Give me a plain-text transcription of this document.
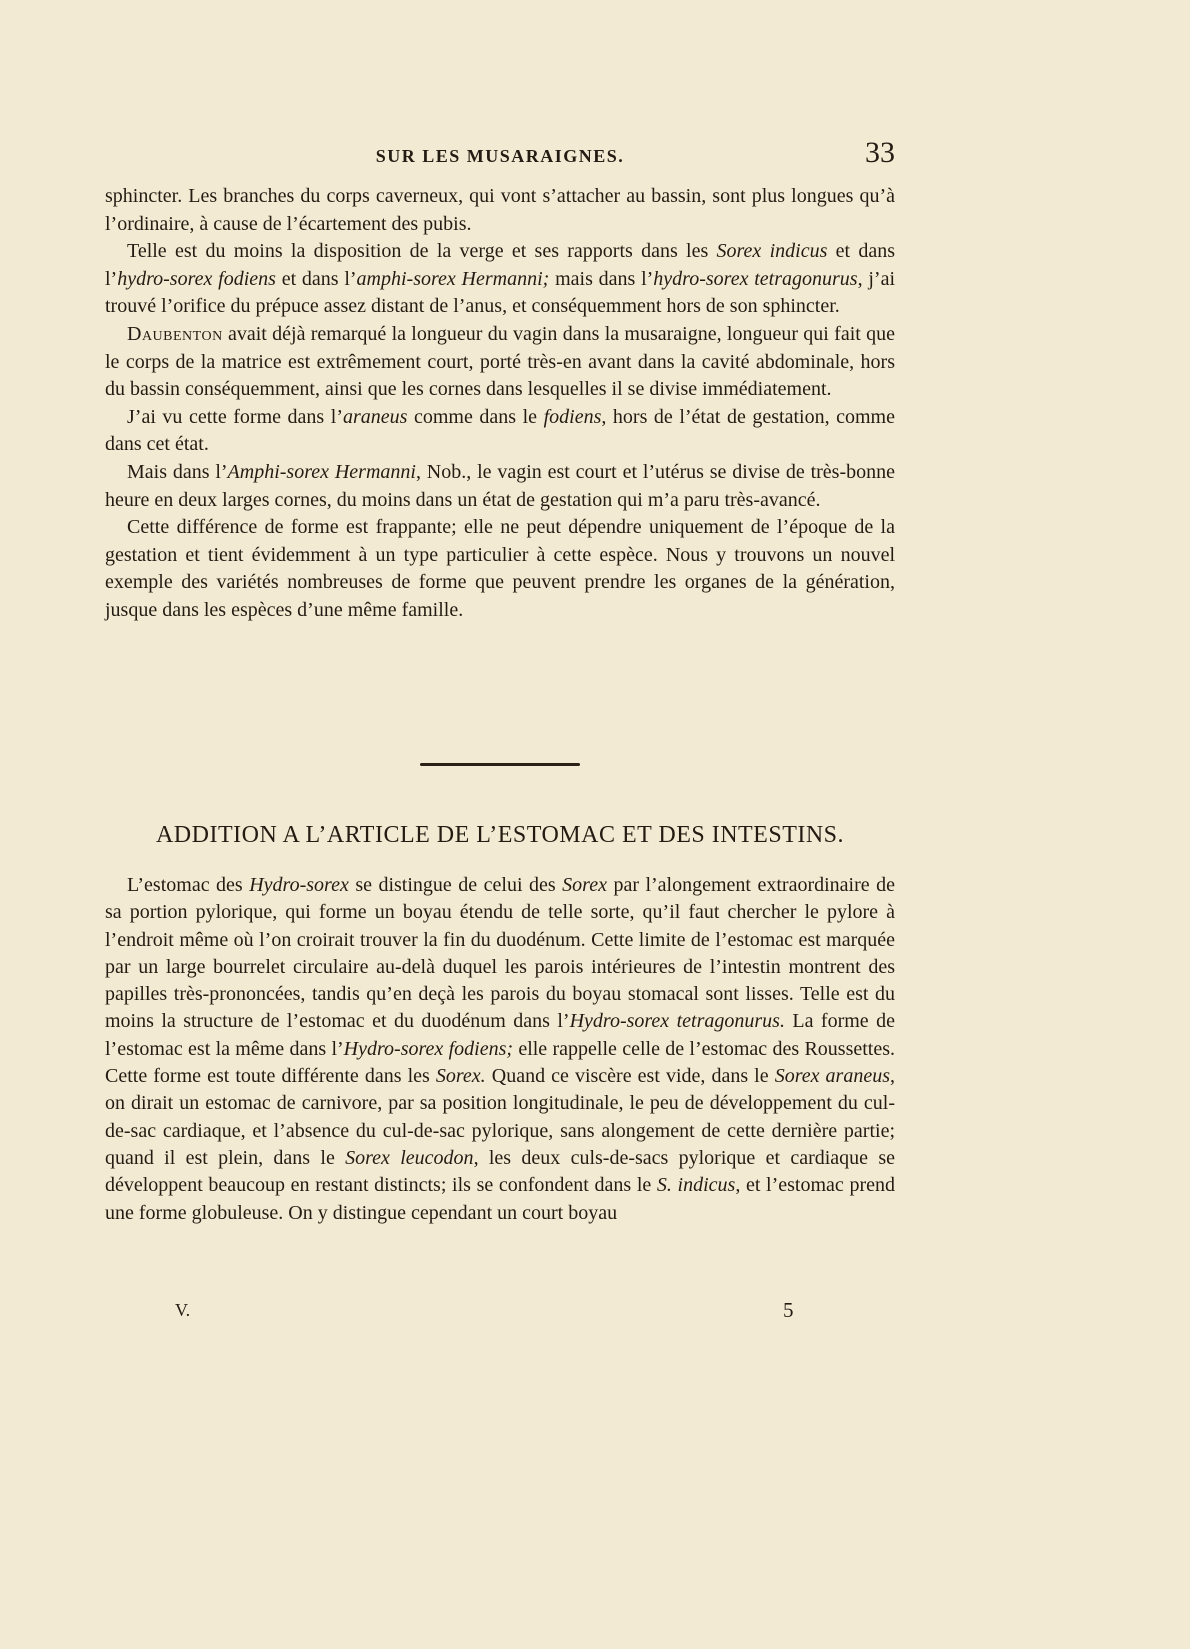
SUR LES MUSARAIGNES.	33

sphincter. Les branches du corps caverneux, qui vont s’attacher au bassin, sont plus longues qu’à l’ordinaire, à cause de l’écartement des pubis.

Telle est du moins la disposition de la verge et ses rapports dans les Sorex indicus et dans l’hydro-sorex fodiens et dans l’amphi-sorex Hermanni; mais dans l’hydro-sorex tetragonurus, j’ai trouvé l’orifice du prépuce assez distant de l’anus, et conséquemment hors de son sphincter.

Daubenton avait déjà remarqué la longueur du vagin dans la musaraigne, longueur qui fait que le corps de la matrice est extrêmement court, porté très-en avant dans la cavité abdominale, hors du bassin conséquemment, ainsi que les cornes dans lesquelles il se divise immédiatement.

J’ai vu cette forme dans l’araneus comme dans le fodiens, hors de l’état de gestation, comme dans cet état.

Mais dans l’Amphi-sorex Hermanni, Nob., le vagin est court et l’utérus se divise de très-bonne heure en deux larges cornes, du moins dans un état de gestation qui m’a paru très-avancé.

Cette différence de forme est frappante; elle ne peut dépendre uniquement de l’époque de la gestation et tient évidemment à un type particulier à cette espèce. Nous y trouvons un nouvel exemple des variétés nombreuses de forme que peuvent prendre les organes de la génération, jusque dans les espèces d’une même famille.

ADDITION A L’ARTICLE DE L’ESTOMAC ET DES INTESTINS.

L’estomac des Hydro-sorex se distingue de celui des Sorex par l’alongement extraordinaire de sa portion pylorique, qui forme un boyau étendu de telle sorte, qu’il faut chercher le pylore à l’endroit même où l’on croirait trouver la fin du duodénum. Cette limite de l’estomac est marquée par un large bourrelet circulaire au-delà duquel les parois intérieures de l’intestin montrent des papilles très-prononcées, tandis qu’en deçà les parois du boyau stomacal sont lisses. Telle est du moins la structure de l’estomac et du duodénum dans l’Hydro-sorex tetragonurus. La forme de l’estomac est la même dans l’Hydro-sorex fodiens; elle rappelle celle de l’estomac des Roussettes. Cette forme est toute différente dans les Sorex. Quand ce viscère est vide, dans le Sorex araneus, on dirait un estomac de carnivore, par sa position longitudinale, le peu de développement du cul-de-sac cardiaque, et l’absence du cul-de-sac pylorique, sans alongement de cette dernière partie; quand il est plein, dans le Sorex leucodon, les deux culs-de-sacs pylorique et cardiaque se développent beaucoup en restant distincts; ils se confondent dans le S. indicus, et l’estomac prend une forme globuleuse. On y distingue cependant un court boyau

V.	5
